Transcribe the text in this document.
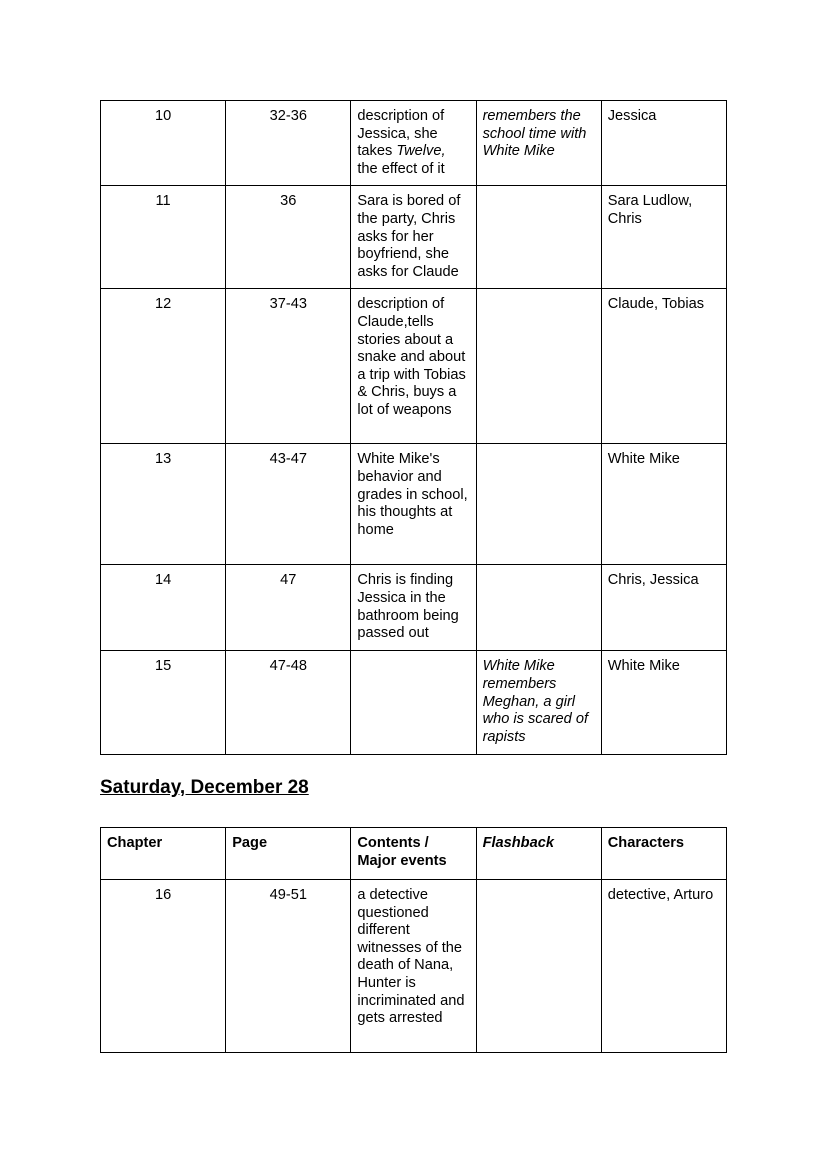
10	32-36	description of Jessica, she takes Twelve, the effect of it	remembers the school time with White Mike	Jessica
11	36	Sara is bored of the party, Chris asks for her boyfriend, she asks for Claude		Sara Ludlow, Chris
12	37-43	description of Claude,tells stories about a snake and about a trip with Tobias & Chris, buys a lot of weapons		Claude, Tobias
13	43-47	White Mike's behavior and grades in school, his thoughts at home		White Mike
14	47	Chris is finding Jessica in the bathroom being passed out		Chris, Jessica
15	47-48		White Mike remembers Meghan, a girl who is scared of rapists	White Mike
Saturday, December 28
Chapter	Page	Contents / Major events	Flashback	Characters
16	49-51	a detective questioned different witnesses of the death of Nana, Hunter is incriminated and gets arrested		detective, Arturo
